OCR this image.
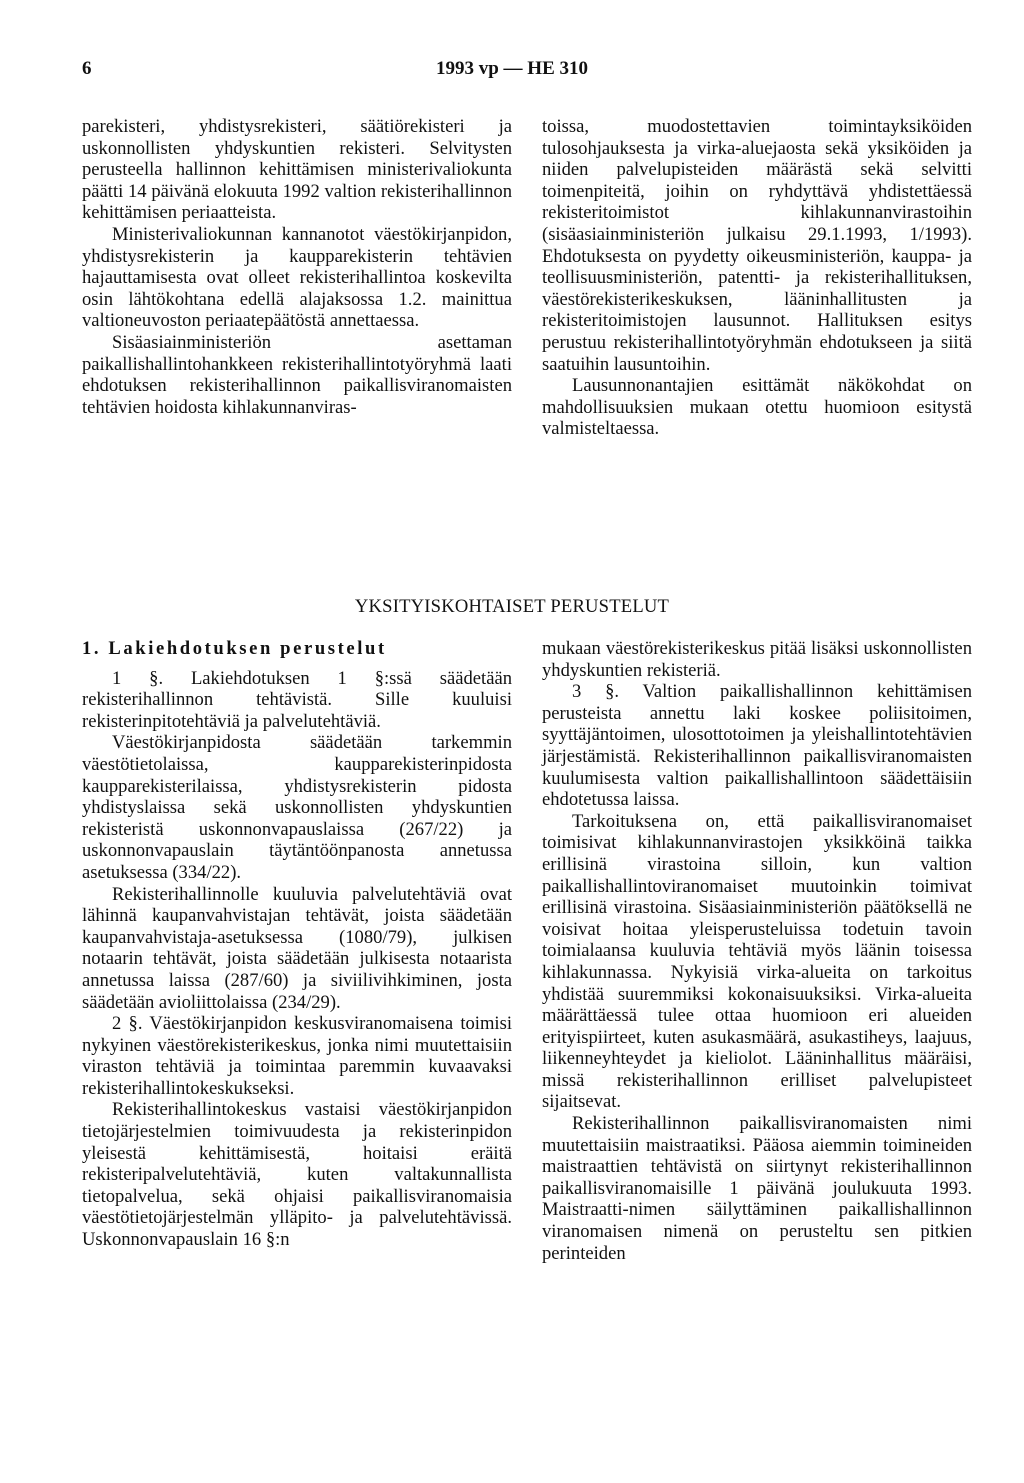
6	1993 vp — HE 310

parekisteri, yhdistysrekisteri, säätiörekisteri ja uskonnollisten yhdyskuntien rekisteri. Selvitysten perusteella hallinnon kehittämisen ministerivaliokunta päätti 14 päivänä elokuuta 1992 valtion rekisterihallinnon kehittämisen periaatteista.

Ministerivaliokunnan kannanotot väestökirjanpidon, yhdistysrekisterin ja kaupparekisterin tehtävien hajauttamisesta ovat olleet rekisterihallintoa koskevilta osin lähtökohtana edellä alajaksossa 1.2. mainittua valtioneuvoston periaatepäätöstä annettaessa.

Sisäasiainministeriön asettaman paikallishallintohankkeen rekisterihallintotyöryhmä laati ehdotuksen rekisterihallinnon paikallisviranomaisten tehtävien hoidosta kihlakunnanviras-

toissa, muodostettavien toimintayksiköiden tulosohjauksesta ja virka-aluejaosta sekä yksiköiden ja niiden palvelupisteiden määrästä sekä selvitti toimenpiteitä, joihin on ryhdyttävä yhdistettäessä rekisteritoimistot kihlakunnanvirastoihin (sisäasiainministeriön julkaisu 29.1.1993, 1/1993). Ehdotuksesta on pyydetty oikeusministeriön, kauppa- ja teollisuusministeriön, patentti- ja rekisterihallituksen, väestörekisterikeskuksen, lääninhallitusten ja rekisteritoimistojen lausunnot. Hallituksen esitys perustuu rekisterihallintotyöryhmän ehdotukseen ja siitä saatuihin lausuntoihin.

Lausunnonantajien esittämät näkökohdat on mahdollisuuksien mukaan otettu huomioon esitystä valmisteltaessa.

YKSITYISKOHTAISET PERUSTELUT

1. Lakiehdotuksen perustelut

1 §. Lakiehdotuksen 1 §:ssä säädetään rekisterihallinnon tehtävistä. Sille kuuluisi rekisterinpitotehtäviä ja palvelutehtäviä.

Väestökirjanpidosta säädetään tarkemmin väestötietolaissa, kaupparekisterinpidosta kaupparekisterilaissa, yhdistysrekisterin pidosta yhdistyslaissa sekä uskonnollisten yhdyskuntien rekisteristä uskonnonvapauslaissa (267/22) ja uskonnonvapauslain täytäntöönpanosta annetussa asetuksessa (334/22).

Rekisterihallinnolle kuuluvia palvelutehtäviä ovat lähinnä kaupanvahvistajan tehtävät, joista säädetään kaupanvahvistaja-asetuksessa (1080/79), julkisen notaarin tehtävät, joista säädetään julkisesta notaarista annetussa laissa (287/60) ja siviilivihkiminen, josta säädetään avioliittolaissa (234/29).

2 §. Väestökirjanpidon keskusviranomaisena toimisi nykyinen väestörekisterikeskus, jonka nimi muutettaisiin viraston tehtäviä ja toimintaa paremmin kuvaavaksi rekisterihallintokeskukseksi.

Rekisterihallintokeskus vastaisi väestökirjanpidon tietojärjestelmien toimivuudesta ja rekisterinpidon yleisestä kehittämisestä, hoitaisi eräitä rekisteripalvelutehtäviä, kuten valtakunnallista tietopalvelua, sekä ohjaisi paikallisviranomaisia väestötietojärjestelmän ylläpito- ja palvelutehtävissä. Uskonnonvapauslain 16 §:n

mukaan väestörekisterikeskus pitää lisäksi uskonnollisten yhdyskuntien rekisteriä.

3 §. Valtion paikallishallinnon kehittämisen perusteista annettu laki koskee poliisitoimen, syyttäjäntoimen, ulosottotoimen ja yleishallintotehtävien järjestämistä. Rekisterihallinnon paikallisviranomaisten kuulumisesta valtion paikallishallintoon säädettäisiin ehdotetussa laissa.

Tarkoituksena on, että paikallisviranomaiset toimisivat kihlakunnanvirastojen yksikköinä taikka erillisinä virastoina silloin, kun valtion paikallishallintoviranomaiset muutoinkin toimivat erillisinä virastoina. Sisäasiainministeriön päätöksellä ne voisivat hoitaa yleisperusteluissa todetuin tavoin toimialaansa kuuluvia tehtäviä myös läänin toisessa kihlakunnassa. Nykyisiä virka-alueita on tarkoitus yhdistää suuremmiksi kokonaisuuksiksi. Virka-alueita määrättäessä tulee ottaa huomioon eri alueiden erityispiirteet, kuten asukasmäärä, asukastiheys, laajuus, liikenneyhteydet ja kieliolot. Lääninhallitus määräisi, missä rekisterihallinnon erilliset palvelupisteet sijaitsevat.

Rekisterihallinnon paikallisviranomaisten nimi muutettaisiin maistraatiksi. Pääosa aiemmin toimineiden maistraattien tehtävistä on siirtynyt rekisterihallinnon paikallisviranomaisille 1 päivänä joulukuuta 1993. Maistraatti-nimen säilyttäminen paikallishallinnon viranomaisen nimenä on perusteltu sen pitkien perinteiden
